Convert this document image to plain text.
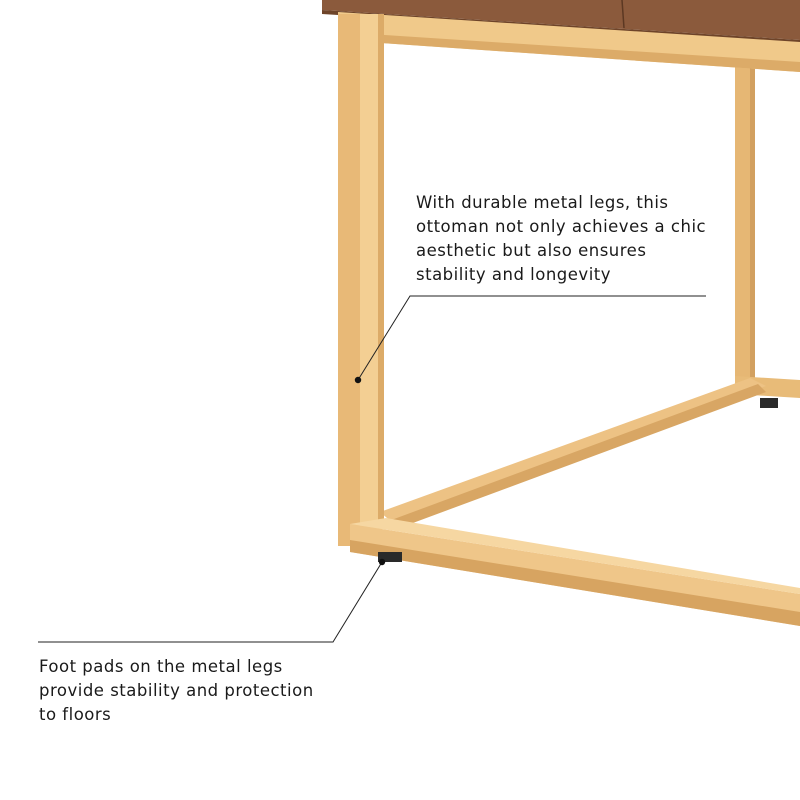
With durable metal legs, this
ottoman not only achieves a chic
aesthetic but also ensures
stability and longevity

Foot pads on the metal legs
provide stability and protection
to floors
